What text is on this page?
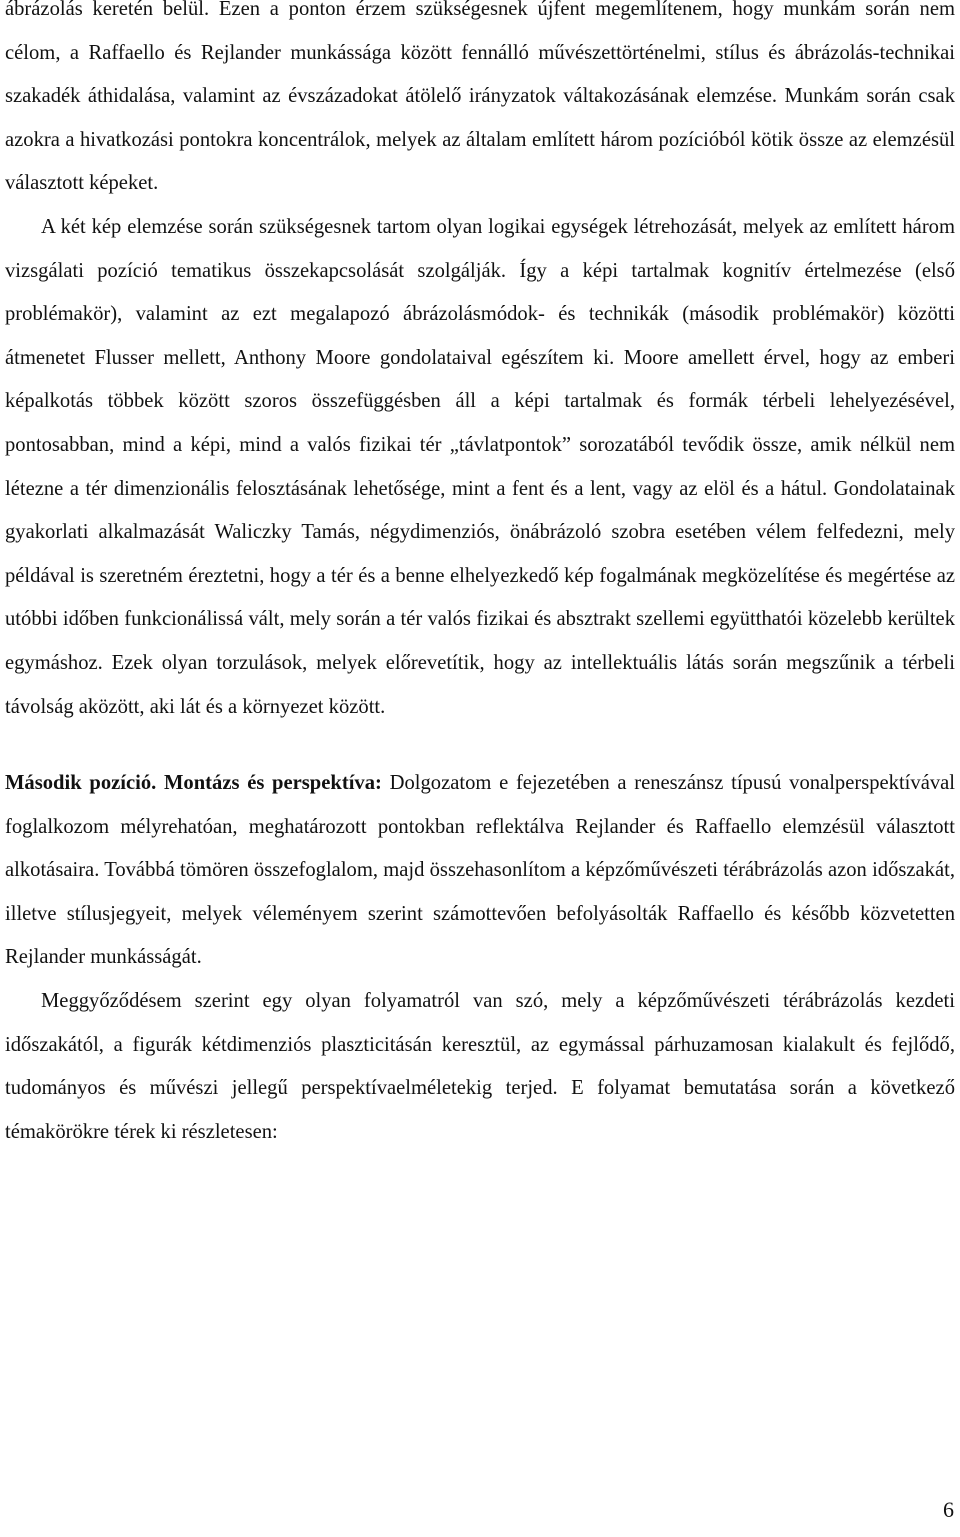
ábrázolás keretén belül. Ezen a ponton érzem szükségesnek újfent megemlítenem, hogy munkám során nem célom, a Raffaello és Rejlander munkássága között fennálló művészettörténelmi, stílus és ábrázolás-technikai szakadék áthidalása, valamint az évszázadokat átölelő irányzatok váltakozásának elemzése. Munkám során csak azokra a hivatkozási pontokra koncentrálok, melyek az általam említett három pozícióból kötik össze az elemzésül választott képeket.

A két kép elemzése során szükségesnek tartom olyan logikai egységek létrehozását, melyek az említett három vizsgálati pozíció tematikus összekapcsolását szolgálják. Így a képi tartalmak kognitív értelmezése (első problémakör), valamint az ezt megalapozó ábrázolásmódok- és technikák (második problémakör) közötti átmenetet Flusser mellett, Anthony Moore gondolataival egészítem ki. Moore amellett érvel, hogy az emberi képalkotás többek között szoros összefüggésben áll a képi tartalmak és formák térbeli lehelyezésével, pontosabban, mind a képi, mind a valós fizikai tér „távlatpontok” sorozatából tevődik össze, amik nélkül nem létezne a tér dimenzionális felosztásának lehetősége, mint a fent és a lent, vagy az elöl és a hátul. Gondolatainak gyakorlati alkalmazását Waliczky Tamás, négydimenziós, önábrázoló szobra esetében vélem felfedezni, mely példával is szeretném éreztetni, hogy a tér és a benne elhelyezkedő kép fogalmának megközelítése és megértése az utóbbi időben funkcionálissá vált, mely során a tér valós fizikai és absztrakt szellemi együtthatói közelebb kerültek egymáshoz. Ezek olyan torzulások, melyek előrevetítik, hogy az intellektuális látás során megszűnik a térbeli távolság aközött, aki lát és a környezet között.

Második pozíció. Montázs és perspektíva: Dolgozatom e fejezetében a reneszánsz típusú vonalperspektívával foglalkozom mélyrehatóan, meghatározott pontokban reflektálva Rejlander és Raffaello elemzésül választott alkotásaira. Továbbá tömören összefoglalom, majd összehasonlítom a képzőművészeti térábrázolás azon időszakát, illetve stílusjegyeit, melyek véleményem szerint számottevően befolyásolták Raffaello és később közvetetten Rejlander munkásságát.

Meggyőződésem szerint egy olyan folyamatról van szó, mely a képzőművészeti térábrázolás kezdeti időszakától, a figurák kétdimenziós plaszticitásán keresztül, az egymással párhuzamosan kialakult és fejlődő, tudományos és művészi jellegű perspektívaelméletekig terjed. E folyamat bemutatása során a következő témakörökre térek ki részletesen:

6
